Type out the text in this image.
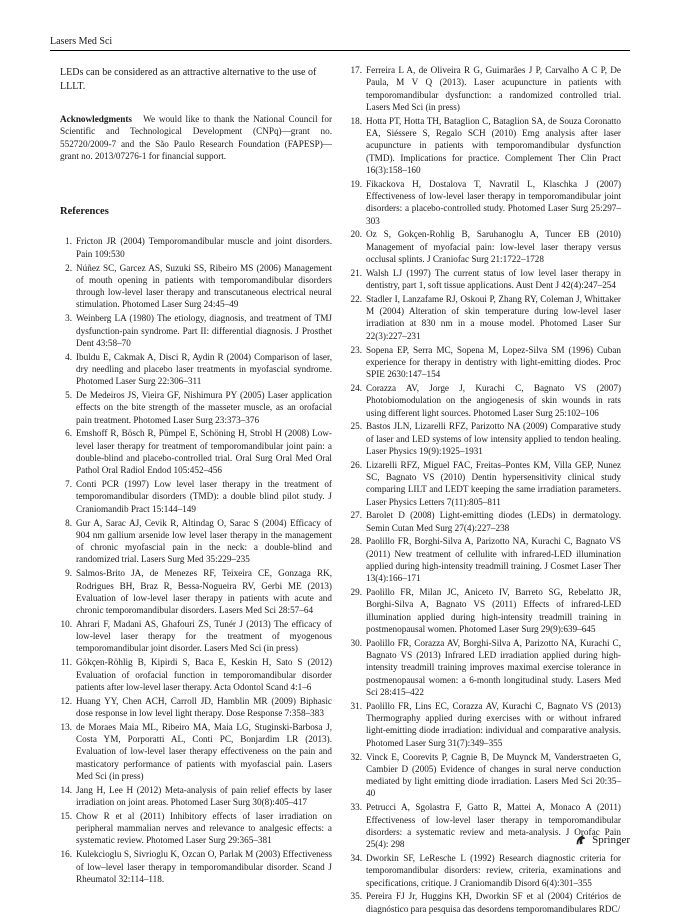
Lasers Med Sci

LEDs can be considered as an attractive alternative to the use of LLLT.

Acknowledgments We would like to thank the National Council for Scientific and Technological Development (CNPq)—grant no. 552720/2009-7 and the São Paulo Research Foundation (FAPESP)—grant no. 2013/07276-1 for financial support.

References
1. Fricton JR (2004) Temporomandibular muscle and joint disorders. Pain 109:530
2. Núñez SC, Garcez AS, Suzuki SS, Ribeiro MS (2006) Management of mouth opening in patients with temporomandibular disorders through low-level laser therapy and transcutaneous electrical neural stimulation. Photomed Laser Surg 24:45–49
3. Weinberg LA (1980) The etiology, diagnosis, and treatment of TMJ dysfunction-pain syndrome. Part II: differential diagnosis. J Prosthet Dent 43:58–70
4. Ibuldu E, Cakmak A, Disci R, Aydin R (2004) Comparison of laser, dry needling and placebo laser treatments in myofascial syndrome. Photomed Laser Surg 22:306–311
5. De Medeiros JS, Vieira GF, Nishimura PY (2005) Laser application effects on the bite strength of the masseter muscle, as an orofacial pain treatment. Photomed Laser Surg 23:373–376
6. Emshoff R, Bösch R, Pümpel E, Schöning H, Strobl H (2008) Low-level laser therapy for treatment of temporomandibular joint pain: a double-blind and placebo-controlled trial. Oral Surg Oral Med Oral Pathol Oral Radiol Endod 105:452–456
7. Conti PCR (1997) Low level laser therapy in the treatment of temporomandibular disorders (TMD): a double blind pilot study. J Craniomandib Pract 15:144–149
8. Gur A, Sarac AJ, Cevik R, Altindag O, Sarac S (2004) Efficacy of 904 nm gallium arsenide low level laser therapy in the management of chronic myofascial pain in the neck: a double-blind and randomized trial. Lasers Surg Med 35:229–235
9. Salmos-Brito JA, de Menezes RF, Teixeira CE, Gonzaga RK, Rodrigues BH, Braz R, Bessa-Nogueira RV, Gerbi ME (2013) Evaluation of low-level laser therapy in patients with acute and chronic temporomandibular disorders. Lasers Med Sci 28:57–64
10. Ahrari F, Madani AS, Ghafouri ZS, Tunér J (2013) The efficacy of low-level laser therapy for the treatment of myogenous temporomandibular joint disorder. Lasers Med Sci (in press)
11. Gökçen-Röhlig B, Kipirdi S, Baca E, Keskin H, Sato S (2012) Evaluation of orofacial function in temporomandibular disorder patients after low-level laser therapy. Acta Odontol Scand 4:1–6
12. Huang YY, Chen ACH, Carroll JD, Hamblin MR (2009) Biphasic dose response in low level light therapy. Dose Response 7:358–383
13. de Moraes Maia ML, Ribeiro MA, Maia LG, Stuginski-Barbosa J, Costa YM, Porporatti AL, Conti PC, Bonjardim LR (2013). Evaluation of low-level laser therapy effectiveness on the pain and masticatory performance of patients with myofascial pain. Lasers Med Sci (in press)
14. Jang H, Lee H (2012) Meta-analysis of pain relief effects by laser irradiation on joint areas. Photomed Laser Surg 30(8):405–417
15. Chow R et al (2011) Inhibitory effects of laser irradiation on peripheral mammalian nerves and relevance to analgesic effects: a systematic review. Photomed Laser Surg 29:365–381
16. Kulekcioglu S, Sivrioglu K, Ozcan O, Parlak M (2003) Effectiveness of low–level laser therapy in temporomandibular disorder. Scand J Rheumatol 32:114–118.
17. Ferreira L A, de Oliveira R G, Guimarães J P, Carvalho A C P, De Paula, M V Q (2013). Laser acupuncture in patients with temporomandibular dysfunction: a randomized controlled trial. Lasers Med Sci (in press)
18. Hotta PT, Hotta TH, Bataglion C, Bataglion SA, de Souza Coronatto EA, Siéssere S, Regalo SCH (2010) Emg analysis after laser acupuncture in patients with temporomandibular dysfunction (TMD). Implications for practice. Complement Ther Clin Pract 16(3):158–160
19. Fikackova H, Dostalova T, Navratil L, Klaschka J (2007) Effectiveness of low-level laser therapy in temporomandibular joint disorders: a placebo-controlled study. Photomed Laser Surg 25:297–303
20. Oz S, Gokçen-Rohlig B, Saruhanoglu A, Tuncer EB (2010) Management of myofacial pain: low-level laser therapy versus occlusal splints. J Craniofac Surg 21:1722–1728
21. Walsh LJ (1997) The current status of low level laser therapy in dentistry, part 1, soft tissue applications. Aust Dent J 42(4):247–254
22. Stadler I, Lanzafame RJ, Oskoui P, Zhang RY, Coleman J, Whittaker M (2004) Alteration of skin temperature during low-level laser irradiation at 830 nm in a mouse model. Photomed Laser Sur 22(3):227–231
23. Sopena EP, Serra MC, Sopena M, Lopez-Silva SM (1996) Cuban experience for therapy in dentistry with light-emitting diodes. Proc SPIE 2630:147–154
24. Corazza AV, Jorge J, Kurachi C, Bagnato VS (2007) Photobiomodulation on the angiogenesis of skin wounds in rats using different light sources. Photomed Laser Surg 25:102–106
25. Bastos JLN, Lizarelli RFZ, Parizotto NA (2009) Comparative study of laser and LED systems of low intensity applied to tendon healing. Laser Physics 19(9):1925–1931
26. Lizarelli RFZ, Miguel FAC, Freitas–Pontes KM, Villa GEP, Nunez SC, Bagnato VS (2010) Dentin hypersensitivity clinical study comparing LILT and LEDT keeping the same irradiation parameters. Laser Physics Letters 7(11):805–811
27. Barolet D (2008) Light-emitting diodes (LEDs) in dermatology. Semin Cutan Med Surg 27(4):227–238
28. Paolillo FR, Borghi-Silva A, Parizotto NA, Kurachi C, Bagnato VS (2011) New treatment of cellulite with infrared-LED illumination applied during high-intensity treadmill training. J Cosmet Laser Ther 13(4):166–171
29. Paolillo FR, Milan JC, Aniceto IV, Barreto SG, Rebelatto JR, Borghi-Silva A, Bagnato VS (2011) Effects of infrared-LED illumination applied during high-intensity treadmill training in postmenopausal women. Photomed Laser Surg 29(9):639–645
30. Paolillo FR, Corazza AV, Borghi-Silva A, Parizotto NA, Kurachi C, Bagnato VS (2013) Infrared LED irradiation applied during high-intensity treadmill training improves maximal exercise tolerance in postmenopausal women: a 6-month longitudinal study. Lasers Med Sci 28:415–422
31. Paolillo FR, Lins EC, Corazza AV, Kurachi C, Bagnato VS (2013) Thermography applied during exercises with or without infrared light-emitting diode irradiation: individual and comparative analysis. Photomed Laser Surg 31(7):349–355
32. Vinck E, Coorevits P, Cagnie B, De Muynck M, Vanderstraeten G, Cambier D (2005) Evidence of changes in sural nerve conduction mediated by light emitting diode irradiation. Lasers Med Sci 20:35–40
33. Petrucci A, Sgolastra F, Gatto R, Mattei A, Monaco A (2011) Effectiveness of low-level laser therapy in temporomandibular disorders: a systematic review and meta-analysis. J Orofac Pain 25(4): 298
34. Dworkin SF, LeResche L (1992) Research diagnostic criteria for temporomandibular disorders: review, criteria, examinations and specifications, critique. J Craniomandib Disord 6(4):301–355
35. Pereira FJ Jr, Huggins KH, Dworkin SF et al (2004) Critérios de diagnóstico para pesquisa das desordens temporomandibulares RDC/
Springer
